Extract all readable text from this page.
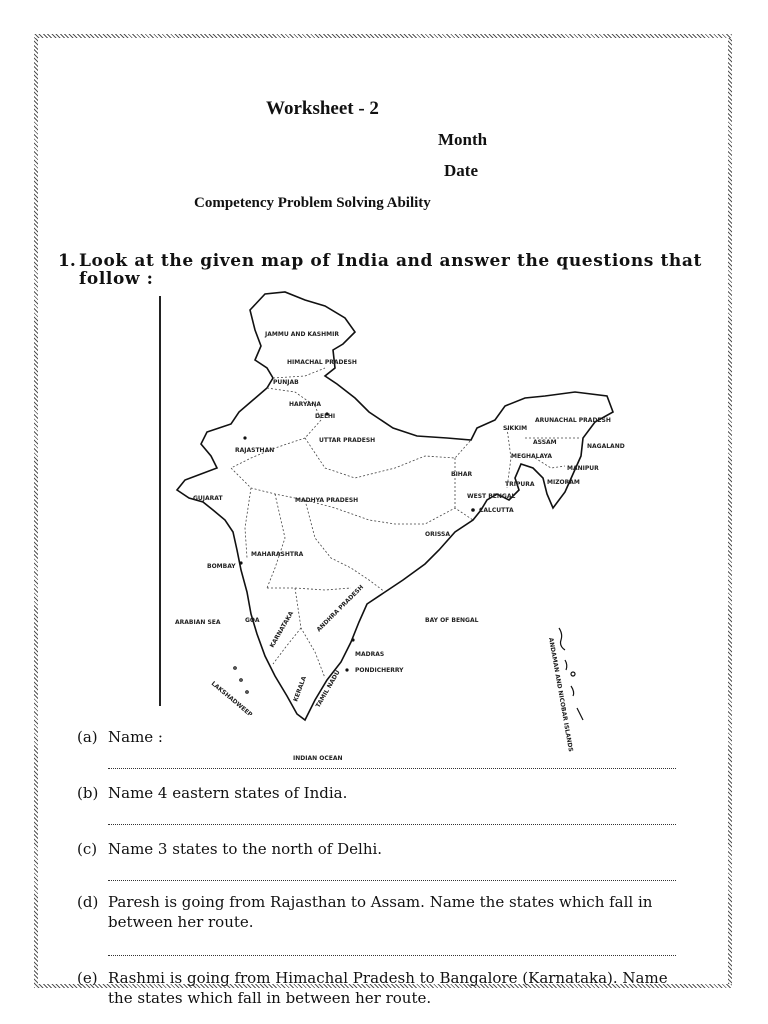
Worksheet - 2
Month
Date
Competency Problem Solving Ability
1. Look at the given map of India and answer the questions that
follow :
JAMMU AND KASHMIR
HIMACHAL PRADESH
PUNJAB
HARYANA
DELHI
RAJASTHAN
UTTAR PRADESH
SIKKIM
ARUNACHAL PRADESH
ASSAM
NAGALAND
MEGHALAYA
MANIPUR
MIZORAM
TRIPURA
BIHAR
WEST BENGAL
CALCUTTA
GUJARAT	MADHYA PRADESH
ORISSA
MAHARASHTRA
BOMBAY
ARABIAN SEA	GOA KARNATAKA	ANDHRA PRADESH	BAY OF BENGAL
MADRAS
PONDICHERRY
KERALA TAMIL NADU
LAKSHADWEEP	ANDAMAN AND NICOBAR ISLANDS
INDIAN OCEAN
(a) Name :
(b) Name 4 eastern states of India.
(c) Name 3 states to the north of Delhi.
(d) Paresh is going from Rajasthan to Assam. Name the states which fall in
between her route.
(e) Rashmi is going from Himachal Pradesh to Bangalore (Karnataka). Name
the states which fall in between her route.
